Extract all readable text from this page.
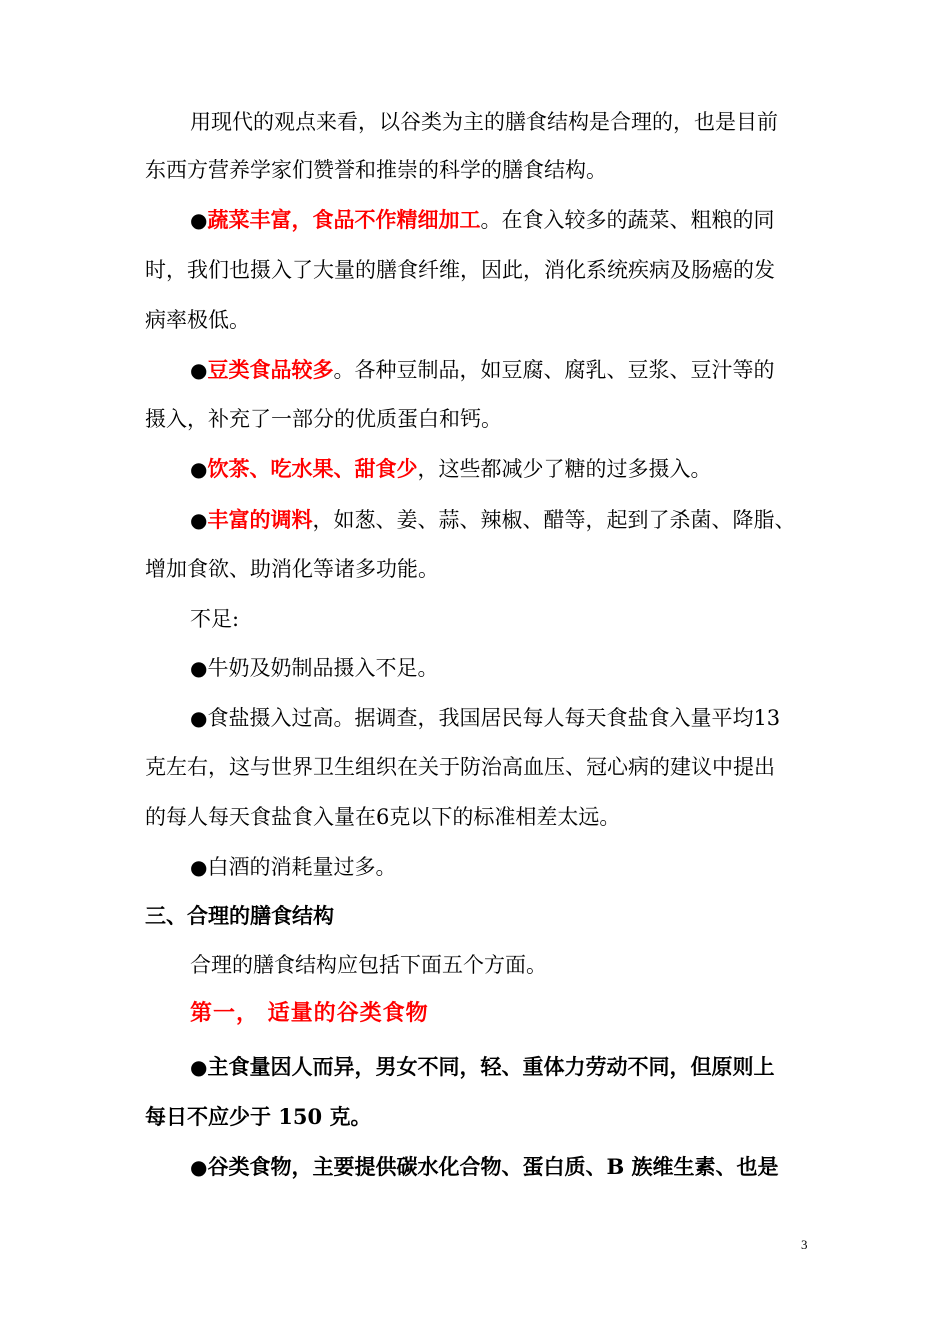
用现代的观点来看，以谷类为主的膳食结构是合理的，也是目前
东西方营养学家们赞誉和推崇的科学的膳食结构。
●蔬菜丰富，食品不作精细加工。在食入较多的蔬菜、粗粮的同
时，我们也摄入了大量的膳食纤维，因此，消化系统疾病及肠癌的发
病率极低。
●豆类食品较多。各种豆制品，如豆腐、腐乳、豆浆、豆汁等的
摄入，补充了一部分的优质蛋白和钙。
●饮茶、吃水果、甜食少，这些都减少了糖的过多摄入。
●丰富的调料，如葱、姜、蒜、辣椒、醋等，起到了杀菌、降脂、
增加食欲、助消化等诸多功能。
不足:
●牛奶及奶制品摄入不足。
●食盐摄入过高。据调查，我国居民每人每天食盐食入量平均13
克左右，这与世界卫生组织在关于防治高血压、冠心病的建议中提出
的每人每天食盐食入量在6克以下的标准相差太远。
●白酒的消耗量过多。
三、合理的膳食结构
合理的膳食结构应包括下面五个方面。
第一， 适量的谷类食物
●主食量因人而异，男女不同，轻、重体力劳动不同，但原则上
每日不应少于 150 克。
●谷类食物，主要提供碳水化合物、蛋白质、B 族维生素、也是
3
